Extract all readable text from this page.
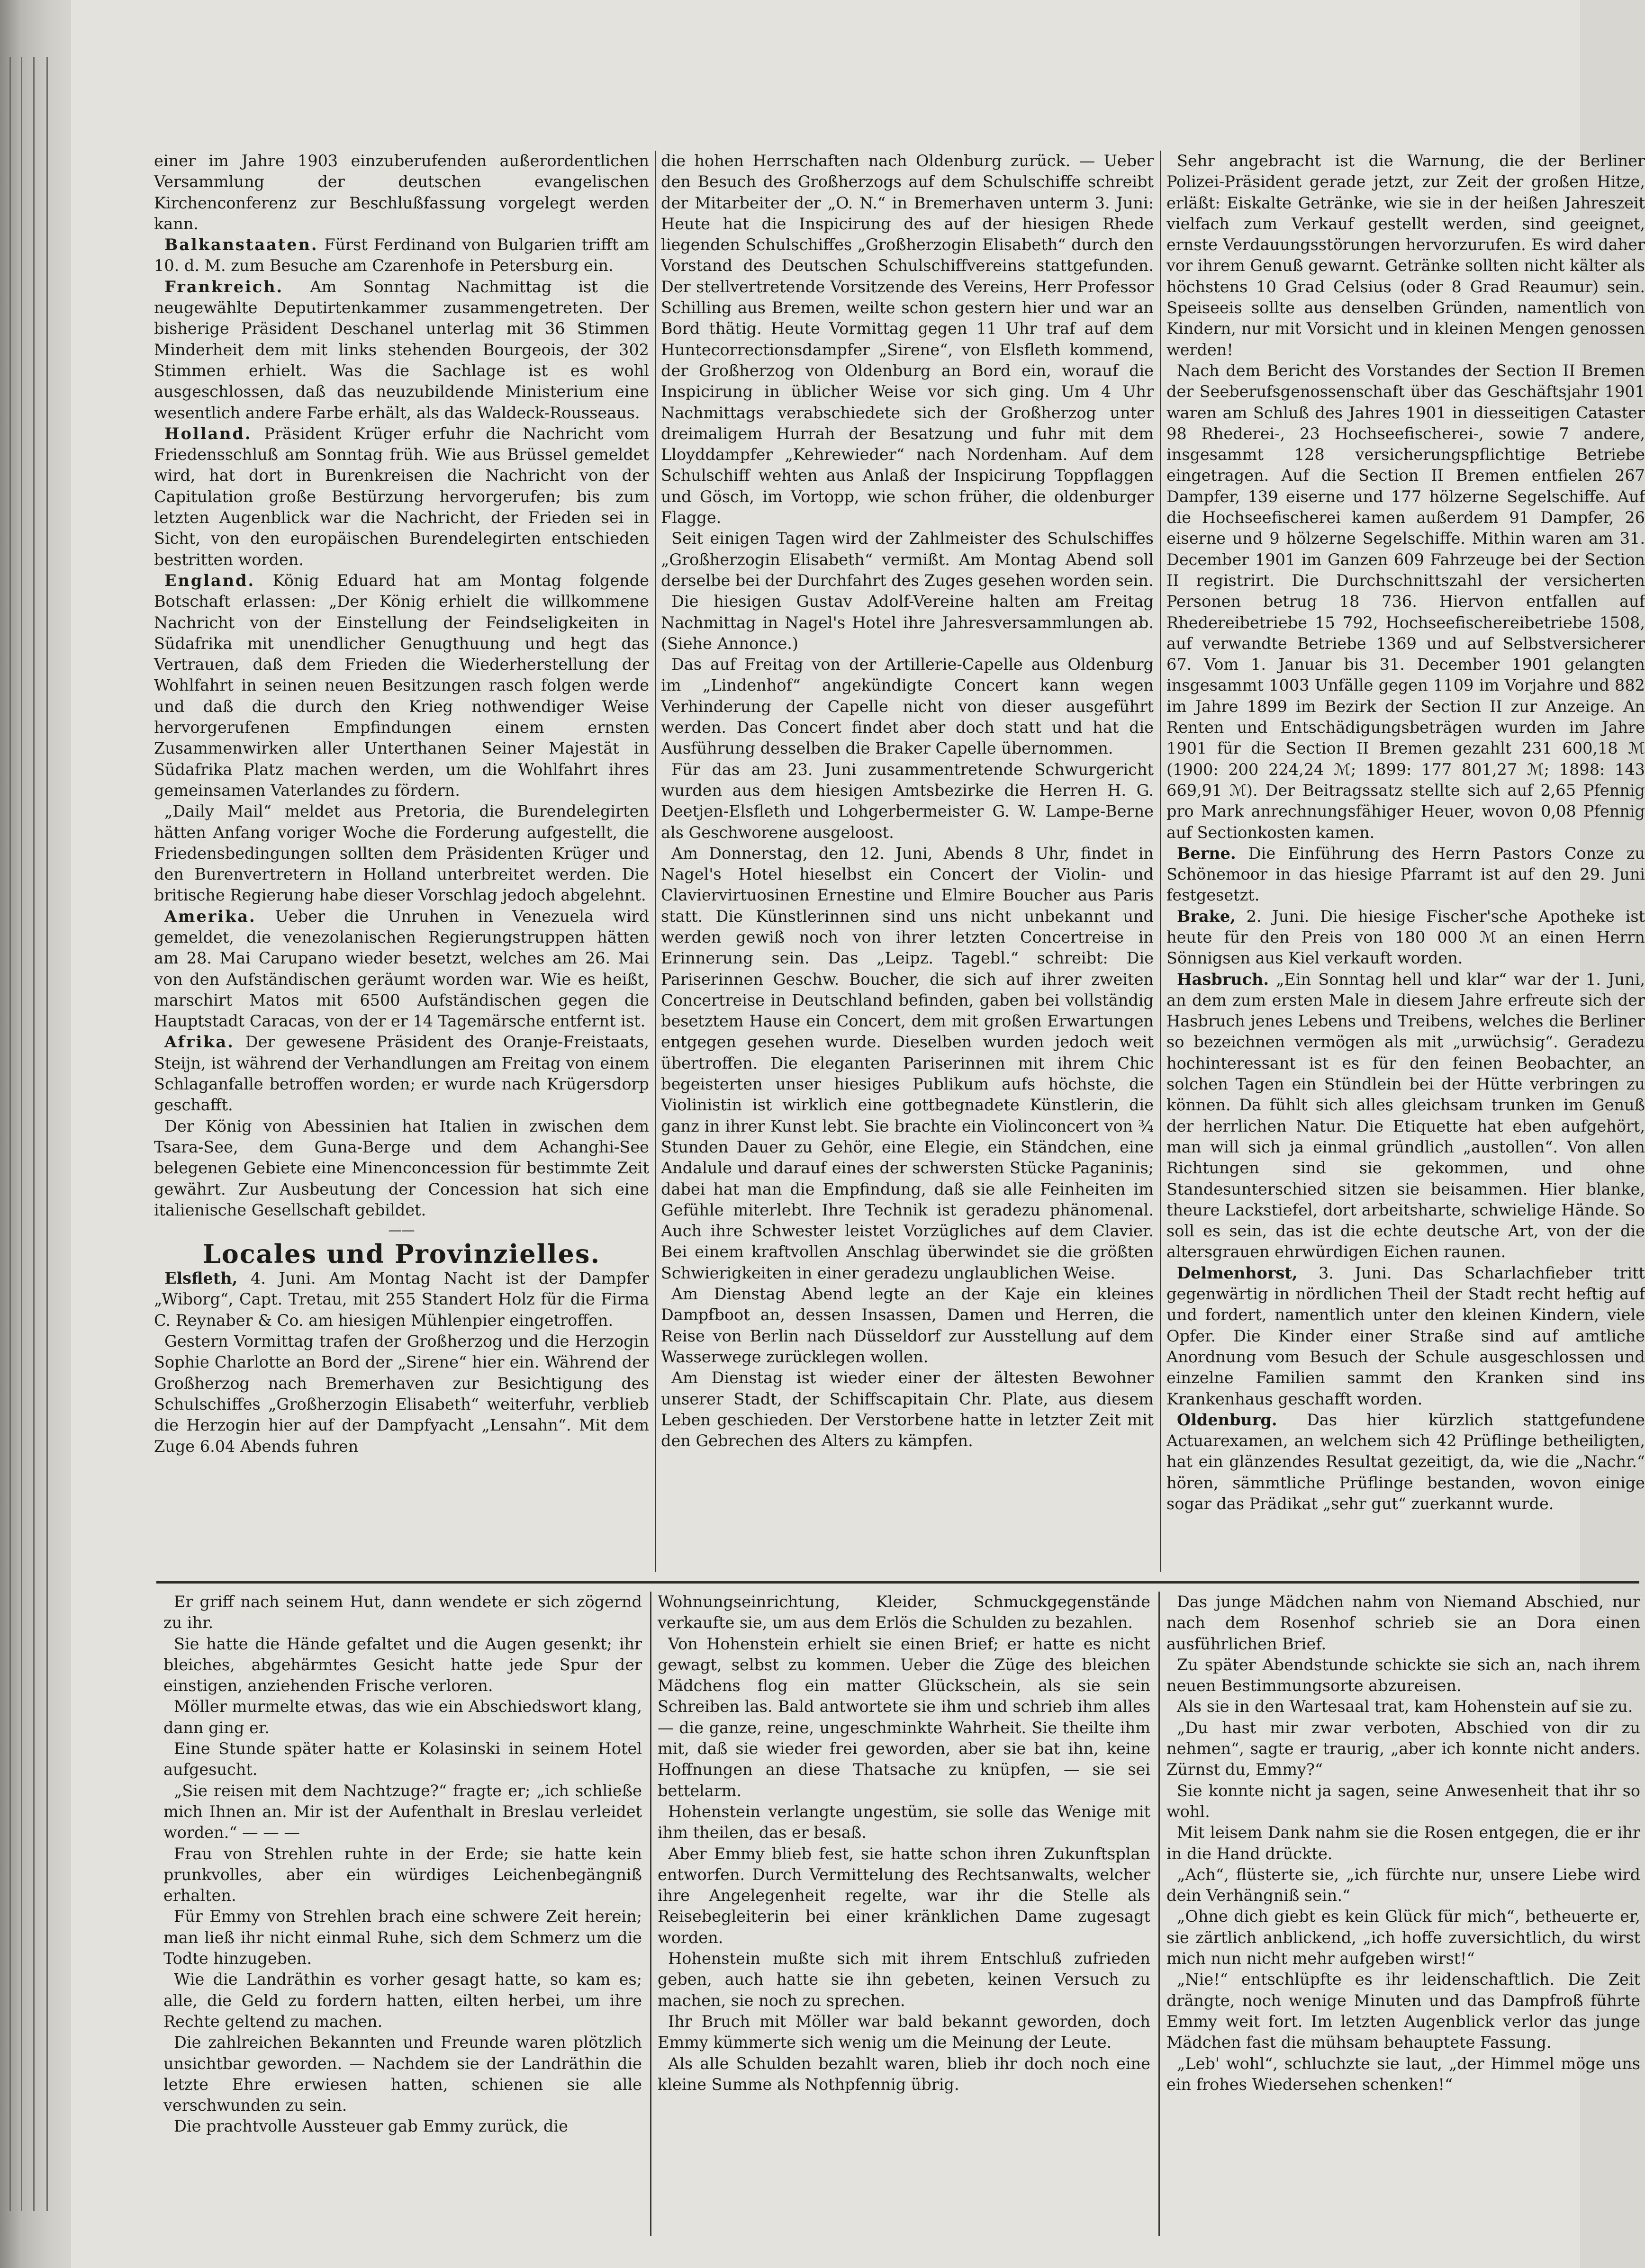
einer im Jahre 1903 einzuberufenden außerordentlichen Versammlung der deutschen evangelischen Kirchenconferenz zur Beschlußfassung vorgelegt werden kann.

Balkanstaaten. Fürst Ferdinand von Bulgarien trifft am 10. d. M. zum Besuche am Czarenhofe in Petersburg ein.

Frankreich. Am Sonntag Nachmittag ist die neugewählte Deputirtenkammer zusammengetreten. Der bisherige Präsident Deschanel unterlag mit 36 Stimmen Minderheit dem mit links stehenden Bourgeois, der 302 Stimmen erhielt. Was die Sachlage ist es wohl ausgeschlossen, daß das neuzubildende Ministerium eine wesentlich andere Farbe erhält, als das Waldeck-Rousseaus.

Holland. Präsident Krüger erfuhr die Nachricht vom Friedensschluß am Sonntag früh. Wie aus Brüssel gemeldet wird, hat dort in Burenkreisen die Nachricht von der Capitulation große Bestürzung hervorgerufen; bis zum letzten Augenblick war die Nachricht, der Frieden sei in Sicht, von den europäischen Burendelegirten entschieden bestritten worden.

England. König Eduard hat am Montag folgende Botschaft erlassen: „Der König erhielt die willkommene Nachricht von der Einstellung der Feindseligkeiten in Südafrika mit unendlicher Genugthuung und hegt das Vertrauen, daß dem Frieden die Wiederherstellung der Wohlfahrt in seinen neuen Besitzungen rasch folgen werde und daß die durch den Krieg nothwendiger Weise hervorgerufenen Empfindungen einem ernsten Zusammenwirken aller Unterthanen Seiner Majestät in Südafrika Platz machen werden, um die Wohlfahrt ihres gemeinsamen Vaterlandes zu fördern.

„Daily Mail“ meldet aus Pretoria, die Burendelegirten hätten Anfang voriger Woche die Forderung aufgestellt, die Friedensbedingungen sollten dem Präsidenten Krüger und den Burenvertretern in Holland unterbreitet werden. Die britische Regierung habe dieser Vorschlag jedoch abgelehnt.

Amerika. Ueber die Unruhen in Venezuela wird gemeldet, die venezolanischen Regierungstruppen hätten am 28. Mai Carupano wieder besetzt, welches am 26. Mai von den Aufständischen geräumt worden war. Wie es heißt, marschirt Matos mit 6500 Aufständischen gegen die Hauptstadt Caracas, von der er 14 Tagemärsche entfernt ist.

Afrika. Der gewesene Präsident des Oranje-Freistaats, Steijn, ist während der Verhandlungen am Freitag von einem Schlaganfalle betroffen worden; er wurde nach Krügersdorp geschafft.

Der König von Abessinien hat Italien in zwischen dem Tsara-See, dem Guna-Berge und dem Achanghi-See belegenen Gebiete eine Minenconcession für bestimmte Zeit gewährt. Zur Ausbeutung der Concession hat sich eine italienische Gesellschaft gebildet.

——

Locales und Provinzielles.

Elsfleth, 4. Juni. Am Montag Nacht ist der Dampfer „Wiborg“, Capt. Tretau, mit 255 Standert Holz für die Firma C. Reynaber & Co. am hiesigen Mühlenpier eingetroffen.

Gestern Vormittag trafen der Großherzog und die Herzogin Sophie Charlotte an Bord der „Sirene“ hier ein. Während der Großherzog nach Bremerhaven zur Besichtigung des Schulschiffes „Großherzogin Elisabeth“ weiterfuhr, verblieb die Herzogin hier auf der Dampfyacht „Lensahn“. Mit dem Zuge 6.04 Abends fuhren

die hohen Herrschaften nach Oldenburg zurück. — Ueber den Besuch des Großherzogs auf dem Schulschiffe schreibt der Mitarbeiter der „O. N.“ in Bremerhaven unterm 3. Juni: Heute hat die Inspicirung des auf der hiesigen Rhede liegenden Schulschiffes „Großherzogin Elisabeth“ durch den Vorstand des Deutschen Schulschiffvereins stattgefunden. Der stellvertretende Vorsitzende des Vereins, Herr Professor Schilling aus Bremen, weilte schon gestern hier und war an Bord thätig. Heute Vormittag gegen 11 Uhr traf auf dem Huntecorrectionsdampfer „Sirene“, von Elsfleth kommend, der Großherzog von Oldenburg an Bord ein, worauf die Inspicirung in üblicher Weise vor sich ging. Um 4 Uhr Nachmittags verabschiedete sich der Großherzog unter dreimaligem Hurrah der Besatzung und fuhr mit dem Lloyddampfer „Kehrewieder“ nach Nordenham. Auf dem Schulschiff wehten aus Anlaß der Inspicirung Toppflaggen und Gösch, im Vortopp, wie schon früher, die oldenburger Flagge.

Seit einigen Tagen wird der Zahlmeister des Schulschiffes „Großherzogin Elisabeth“ vermißt. Am Montag Abend soll derselbe bei der Durchfahrt des Zuges gesehen worden sein.

Die hiesigen Gustav Adolf-Vereine halten am Freitag Nachmittag in Nagel's Hotel ihre Jahresversammlungen ab. (Siehe Annonce.)

Das auf Freitag von der Artillerie-Capelle aus Oldenburg im „Lindenhof“ angekündigte Concert kann wegen Verhinderung der Capelle nicht von dieser ausgeführt werden. Das Concert findet aber doch statt und hat die Ausführung desselben die Braker Capelle übernommen.

Für das am 23. Juni zusammentretende Schwurgericht wurden aus dem hiesigen Amtsbezirke die Herren H. G. Deetjen-Elsfleth und Lohgerbermeister G. W. Lampe-Berne als Geschworene ausgeloost.

Am Donnerstag, den 12. Juni, Abends 8 Uhr, findet in Nagel's Hotel hieselbst ein Concert der Violin- und Claviervirtuosinen Ernestine und Elmire Boucher aus Paris statt. Die Künstlerinnen sind uns nicht unbekannt und werden gewiß noch von ihrer letzten Concertreise in Erinnerung sein. Das „Leipz. Tagebl.“ schreibt: Die Pariserinnen Geschw. Boucher, die sich auf ihrer zweiten Concertreise in Deutschland befinden, gaben bei vollständig besetztem Hause ein Concert, dem mit großen Erwartungen entgegen gesehen wurde. Dieselben wurden jedoch weit übertroffen. Die eleganten Pariserinnen mit ihrem Chic begeisterten unser hiesiges Publikum aufs höchste, die Violinistin ist wirklich eine gottbegnadete Künstlerin, die ganz in ihrer Kunst lebt. Sie brachte ein Violinconcert von ¾ Stunden Dauer zu Gehör, eine Elegie, ein Ständchen, eine Andalule und darauf eines der schwersten Stücke Paganinis; dabei hat man die Empfindung, daß sie alle Feinheiten im Gefühle miterlebt. Ihre Technik ist geradezu phänomenal. Auch ihre Schwester leistet Vorzügliches auf dem Clavier. Bei einem kraftvollen Anschlag überwindet sie die größten Schwierigkeiten in einer geradezu unglaublichen Weise.

Am Dienstag Abend legte an der Kaje ein kleines Dampfboot an, dessen Insassen, Damen und Herren, die Reise von Berlin nach Düsseldorf zur Ausstellung auf dem Wasserwege zurücklegen wollen.

Am Dienstag ist wieder einer der ältesten Bewohner unserer Stadt, der Schiffscapitain Chr. Plate, aus diesem Leben geschieden. Der Verstorbene hatte in letzter Zeit mit den Gebrechen des Alters zu kämpfen.

Sehr angebracht ist die Warnung, die der Berliner Polizei-Präsident gerade jetzt, zur Zeit der großen Hitze, erläßt: Eiskalte Getränke, wie sie in der heißen Jahreszeit vielfach zum Verkauf gestellt werden, sind geeignet, ernste Verdauungsstörungen hervorzurufen. Es wird daher vor ihrem Genuß gewarnt. Getränke sollten nicht kälter als höchstens 10 Grad Celsius (oder 8 Grad Reaumur) sein. Speiseeis sollte aus denselben Gründen, namentlich von Kindern, nur mit Vorsicht und in kleinen Mengen genossen werden!

Nach dem Bericht des Vorstandes der Section II Bremen der Seeberufsgenossenschaft über das Geschäftsjahr 1901 waren am Schluß des Jahres 1901 in diesseitigen Cataster 98 Rhederei-, 23 Hochseefischerei-, sowie 7 andere, insgesammt 128 versicherungspflichtige Betriebe eingetragen. Auf die Section II Bremen entfielen 267 Dampfer, 139 eiserne und 177 hölzerne Segelschiffe. Auf die Hochseefischerei kamen außerdem 91 Dampfer, 26 eiserne und 9 hölzerne Segelschiffe. Mithin waren am 31. December 1901 im Ganzen 609 Fahrzeuge bei der Section II registrirt. Die Durchschnittszahl der versicherten Personen betrug 18 736. Hiervon entfallen auf Rhedereibetriebe 15 792, Hochseefischereibetriebe 1508, auf verwandte Betriebe 1369 und auf Selbstversicherer 67. Vom 1. Januar bis 31. December 1901 gelangten insgesammt 1003 Unfälle gegen 1109 im Vorjahre und 882 im Jahre 1899 im Bezirk der Section II zur Anzeige. An Renten und Entschädigungsbeträgen wurden im Jahre 1901 für die Section II Bremen gezahlt 231 600,18 ℳ (1900: 200 224,24 ℳ; 1899: 177 801,27 ℳ; 1898: 143 669,91 ℳ). Der Beitragssatz stellte sich auf 2,65 Pfennig pro Mark anrechnungsfähiger Heuer, wovon 0,08 Pfennig auf Sectionkosten kamen.

Berne. Die Einführung des Herrn Pastors Conze zu Schönemoor in das hiesige Pfarramt ist auf den 29. Juni festgesetzt.

Brake, 2. Juni. Die hiesige Fischer'sche Apotheke ist heute für den Preis von 180 000 ℳ an einen Herrn Sönnigsen aus Kiel verkauft worden.

Hasbruch. „Ein Sonntag hell und klar“ war der 1. Juni, an dem zum ersten Male in diesem Jahre erfreute sich der Hasbruch jenes Lebens und Treibens, welches die Berliner so bezeichnen vermögen als mit „urwüchsig“. Geradezu hochinteressant ist es für den feinen Beobachter, an solchen Tagen ein Stündlein bei der Hütte verbringen zu können. Da fühlt sich alles gleichsam trunken im Genuß der herrlichen Natur. Die Etiquette hat eben aufgehört, man will sich ja einmal gründlich „austollen“. Von allen Richtungen sind sie gekommen, und ohne Standesunterschied sitzen sie beisammen. Hier blanke, theure Lackstiefel, dort arbeitsharte, schwielige Hände. So soll es sein, das ist die echte deutsche Art, von der die altersgrauen ehrwürdigen Eichen raunen.

Delmenhorst, 3. Juni. Das Scharlachfieber tritt gegenwärtig in nördlichen Theil der Stadt recht heftig auf und fordert, namentlich unter den kleinen Kindern, viele Opfer. Die Kinder einer Straße sind auf amtliche Anordnung vom Besuch der Schule ausgeschlossen und einzelne Familien sammt den Kranken sind ins Krankenhaus geschafft worden.

Oldenburg. Das hier kürzlich stattgefundene Actuarexamen, an welchem sich 42 Prüflinge betheiligten, hat ein glänzendes Resultat gezeitigt, da, wie die „Nachr.“ hören, sämmtliche Prüflinge bestanden, wovon einige sogar das Prädikat „sehr gut“ zuerkannt wurde.

Er griff nach seinem Hut, dann wendete er sich zögernd zu ihr.

Sie hatte die Hände gefaltet und die Augen gesenkt; ihr bleiches, abgehärmtes Gesicht hatte jede Spur der einstigen, anziehenden Frische verloren.

Möller murmelte etwas, das wie ein Abschiedswort klang, dann ging er.

Eine Stunde später hatte er Kolasinski in seinem Hotel aufgesucht.

„Sie reisen mit dem Nachtzuge?“ fragte er; „ich schließe mich Ihnen an. Mir ist der Aufenthalt in Breslau verleidet worden.“ — — —

Frau von Strehlen ruhte in der Erde; sie hatte kein prunkvolles, aber ein würdiges Leichenbegängniß erhalten.

Für Emmy von Strehlen brach eine schwere Zeit herein; man ließ ihr nicht einmal Ruhe, sich dem Schmerz um die Todte hinzugeben.

Wie die Landräthin es vorher gesagt hatte, so kam es; alle, die Geld zu fordern hatten, eilten herbei, um ihre Rechte geltend zu machen.

Die zahlreichen Bekannten und Freunde waren plötzlich unsichtbar geworden. — Nachdem sie der Landräthin die letzte Ehre erwiesen hatten, schienen sie alle verschwunden zu sein.

Die prachtvolle Aussteuer gab Emmy zurück, die

Wohnungseinrichtung, Kleider, Schmuckgegenstände verkaufte sie, um aus dem Erlös die Schulden zu bezahlen.

Von Hohenstein erhielt sie einen Brief; er hatte es nicht gewagt, selbst zu kommen. Ueber die Züge des bleichen Mädchens flog ein matter Glückschein, als sie sein Schreiben las. Bald antwortete sie ihm und schrieb ihm alles — die ganze, reine, ungeschminkte Wahrheit. Sie theilte ihm mit, daß sie wieder frei geworden, aber sie bat ihn, keine Hoffnungen an diese Thatsache zu knüpfen, — sie sei bettelarm.

Hohenstein verlangte ungestüm, sie solle das Wenige mit ihm theilen, das er besaß.

Aber Emmy blieb fest, sie hatte schon ihren Zukunftsplan entworfen. Durch Vermittelung des Rechtsanwalts, welcher ihre Angelegenheit regelte, war ihr die Stelle als Reisebegleiterin bei einer kränklichen Dame zugesagt worden.

Hohenstein mußte sich mit ihrem Entschluß zufrieden geben, auch hatte sie ihn gebeten, keinen Versuch zu machen, sie noch zu sprechen.

Ihr Bruch mit Möller war bald bekannt geworden, doch Emmy kümmerte sich wenig um die Meinung der Leute.

Als alle Schulden bezahlt waren, blieb ihr doch noch eine kleine Summe als Nothpfennig übrig.

Das junge Mädchen nahm von Niemand Abschied, nur nach dem Rosenhof schrieb sie an Dora einen ausführlichen Brief.

Zu später Abendstunde schickte sie sich an, nach ihrem neuen Bestimmungsorte abzureisen.

Als sie in den Wartesaal trat, kam Hohenstein auf sie zu.

„Du hast mir zwar verboten, Abschied von dir zu nehmen“, sagte er traurig, „aber ich konnte nicht anders. Zürnst du, Emmy?“

Sie konnte nicht ja sagen, seine Anwesenheit that ihr so wohl.

Mit leisem Dank nahm sie die Rosen entgegen, die er ihr in die Hand drückte.

„Ach“, flüsterte sie, „ich fürchte nur, unsere Liebe wird dein Verhängniß sein.“

„Ohne dich giebt es kein Glück für mich“, betheuerte er, sie zärtlich anblickend, „ich hoffe zuversichtlich, du wirst mich nun nicht mehr aufgeben wirst!“

„Nie!“ entschlüpfte es ihr leidenschaftlich. Die Zeit drängte, noch wenige Minuten und das Dampfroß führte Emmy weit fort. Im letzten Augenblick verlor das junge Mädchen fast die mühsam behauptete Fassung.

„Leb' wohl“, schluchzte sie laut, „der Himmel möge uns ein frohes Wiedersehen schenken!“
